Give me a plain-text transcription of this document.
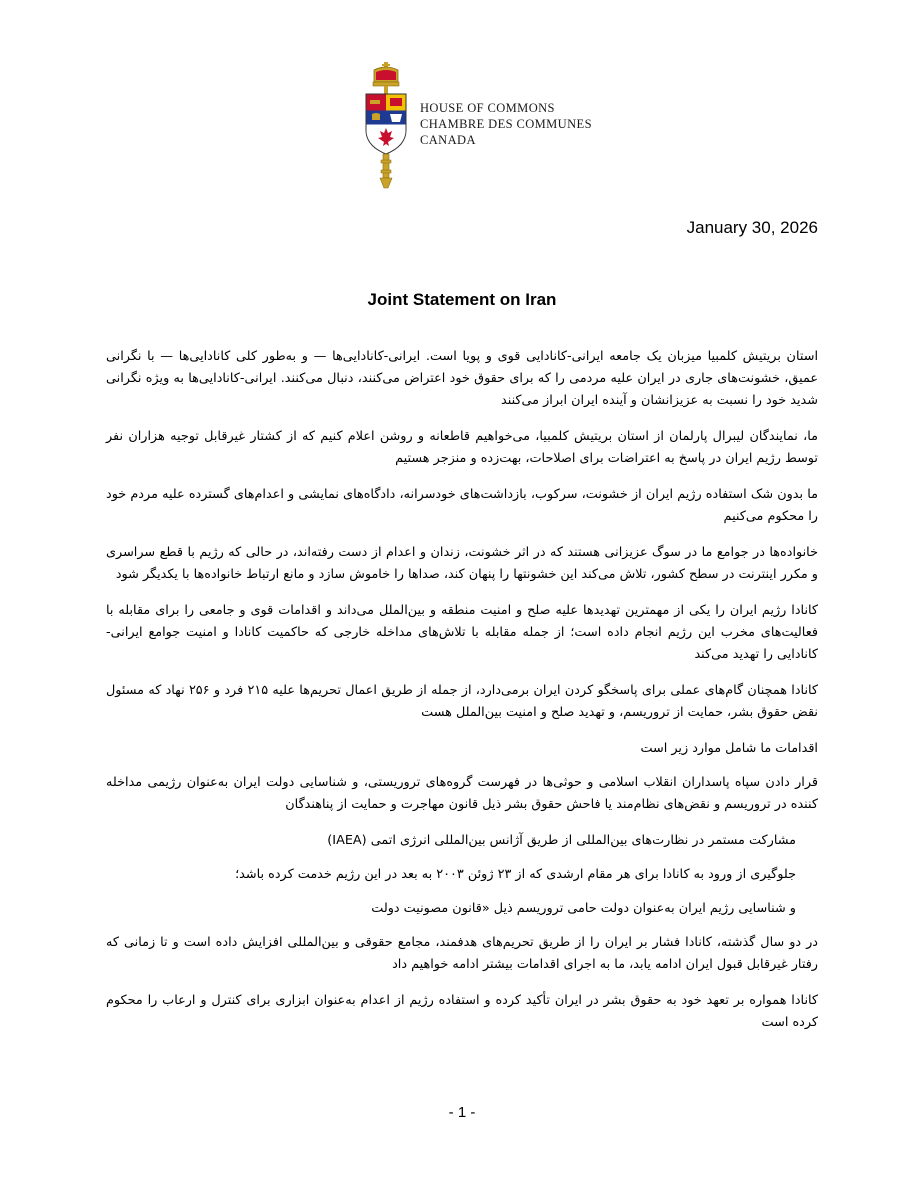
HOUSE OF COMMONS
CHAMBRE DES COMMUNES
CANADA
January 30, 2026
Joint Statement on Iran

استان بریتیش کلمبیا میزبان یک جامعه ایرانی-کانادایی قوی و پویا است. ایرانی-کانادایی‌ها — و به‌طور کلی کانادایی‌ها — با نگرانی عمیق، خشونت‌های جاری در ایران علیه مردمی را که برای حقوق خود اعتراض می‌کنند، دنبال می‌کنند. ایرانی-کانادایی‌ها به ویژه نگرانی شدید خود را نسبت به عزیزانشان و آینده ایران ابراز می‌کنند

ما، نمایندگان لیبرال پارلمان از استان بریتیش کلمبیا، می‌خواهیم قاطعانه و روشن اعلام کنیم که از کشتار غیرقابل توجیه هزاران نفر توسط رژیم ایران در پاسخ به اعتراضات برای اصلاحات، بهت‌زده و منزجر هستیم

ما بدون شک استفاده رژیم ایران از خشونت، سرکوب، بازداشت‌های خودسرانه، دادگاه‌های نمایشی و اعدام‌های گسترده علیه مردم خود را محکوم می‌کنیم

خانواده‌ها در جوامع ما در سوگ عزیزانی هستند که در اثر خشونت، زندان و اعدام از دست رفته‌اند، در حالی که رژیم با قطع سراسری و مکرر اینترنت در سطح کشور، تلاش می‌کند این خشونتها را پنهان کند، صداها را خاموش سازد و مانع ارتباط خانواده‌ها با یکدیگر شود

کانادا رژیم ایران را یکی از مهمترین تهدیدها علیه صلح و امنیت منطقه و بین‌الملل می‌داند و اقدامات قوی و جامعی را برای مقابله با فعالیت‌های مخرب این رژیم انجام داده است؛ از جمله مقابله با تلاش‌های مداخله خارجی که حاکمیت کانادا و امنیت جوامع ایرانی-کانادایی را تهدید می‌کند

کانادا همچنان گام‌های عملی برای پاسخگو کردن ایران برمی‌دارد، از جمله از طریق اعمال تحریم‌ها علیه ۲۱۵ فرد و ۲۵۶ نهاد که مسئول نقض حقوق بشر، حمایت از تروریسم، و تهدید صلح و امنیت بین‌الملل هست

اقدامات ما شامل موارد زیر است

قرار دادن سپاه پاسداران انقلاب اسلامی و حوثی‌ها در فهرست گروه‌های تروریستی، و شناسایی دولت ایران به‌عنوان رژیمی مداخله کننده در تروریسم و نقض‌های نظام‌مند یا فاحش حقوق بشر ذیل قانون مهاجرت و حمایت از پناهندگان

مشارکت مستمر در نظارت‌های بین‌المللی از طریق آژانس بین‌المللی انرژی اتمی (IAEA)

جلوگیری از ورود به کانادا برای هر مقام ارشدی که از ۲۳ ژوئن ۲۰۰۳ به بعد در این رژیم خدمت کرده باشد؛

و شناسایی رژیم ایران به‌عنوان دولت حامی تروریسم ذیل «قانون مصونیت دولت

در دو سال گذشته، کانادا فشار بر ایران را از طریق تحریم‌های هدفمند، مجامع حقوقی و بین‌المللی افزایش داده است و تا زمانی که رفتار غیرقابل قبول ایران ادامه یابد، ما به اجرای اقدامات بیشتر ادامه خواهیم داد

کانادا همواره بر تعهد خود به حقوق بشر در ایران تأکید کرده و استفاده رژیم از اعدام به‌عنوان ابزاری برای کنترل و ارعاب را محکوم کرده است

- 1 -
